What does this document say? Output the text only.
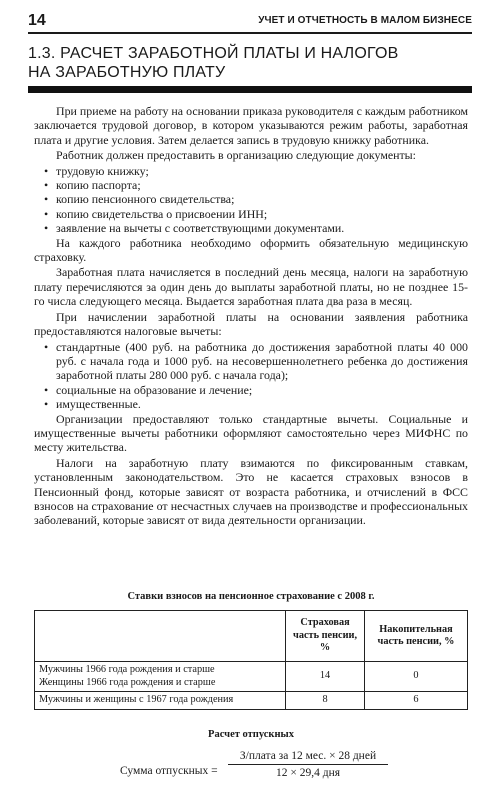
14	УЧЕТ И ОТЧЕТНОСТЬ В МАЛОМ БИЗНЕСЕ
1.3. РАСЧЕТ ЗАРАБОТНОЙ ПЛАТЫ И НАЛОГОВ
НА ЗАРАБОТНУЮ ПЛАТУ

При приеме на работу на основании приказа руководителя с каждым работником заключается трудовой договор, в котором указываются режим работы, заработная плата и другие условия. Затем делается запись в трудовую книжку работника.

Работник должен предоставить в организацию следующие документы:

• трудовую книжку;
• копию паспорта;
• копию пенсионного свидетельства;
• копию свидетельства о присвоении ИНН;
• заявление на вычеты с соответствующими документами.

На каждого работника необходимо оформить обязательную медицинскую страховку.

Заработная плата начисляется в последний день месяца, налоги на заработную плату перечисляются за один день до выплаты заработной платы, но не позднее 15-го числа следующего месяца. Выдается заработная плата два раза в месяц.

При начислении заработной платы на основании заявления работника предоставляются налоговые вычеты:

• стандартные (400 руб. на работника до достижения заработной платы 40 000 руб. с начала года и 1000 руб. на несовершеннолетнего ребенка до достижения заработной платы 280 000 руб. с начала года);
• социальные на образование и лечение;
• имущественные.

Организации предоставляют только стандартные вычеты. Социальные и имущественные вычеты работники оформляют самостоятельно через МИФНС по месту жительства.

Налоги на заработную плату взимаются по фиксированным ставкам, установленным законодательством. Это не касается страховых взносов в Пенсионный фонд, которые зависят от возраста работника, и отчислений в ФСС взносов на страхование от несчастных случаев на производстве и профессиональных заболеваний, которые зависят от вида деятельности организации.

Ставки взносов на пенсионное страхование с 2008 г.
	Страховая часть пенсии, %	Накопительная часть пенсии, %
Мужчины 1966 года рождения и старше
Женщины 1966 года рождения и старше	14	0
Мужчины и женщины с 1967 года рождения	8	6
Расчет отпускных
Сумма отпускных =
З/плата за 12 мес. × 28 дней
12 × 29,4 дня
